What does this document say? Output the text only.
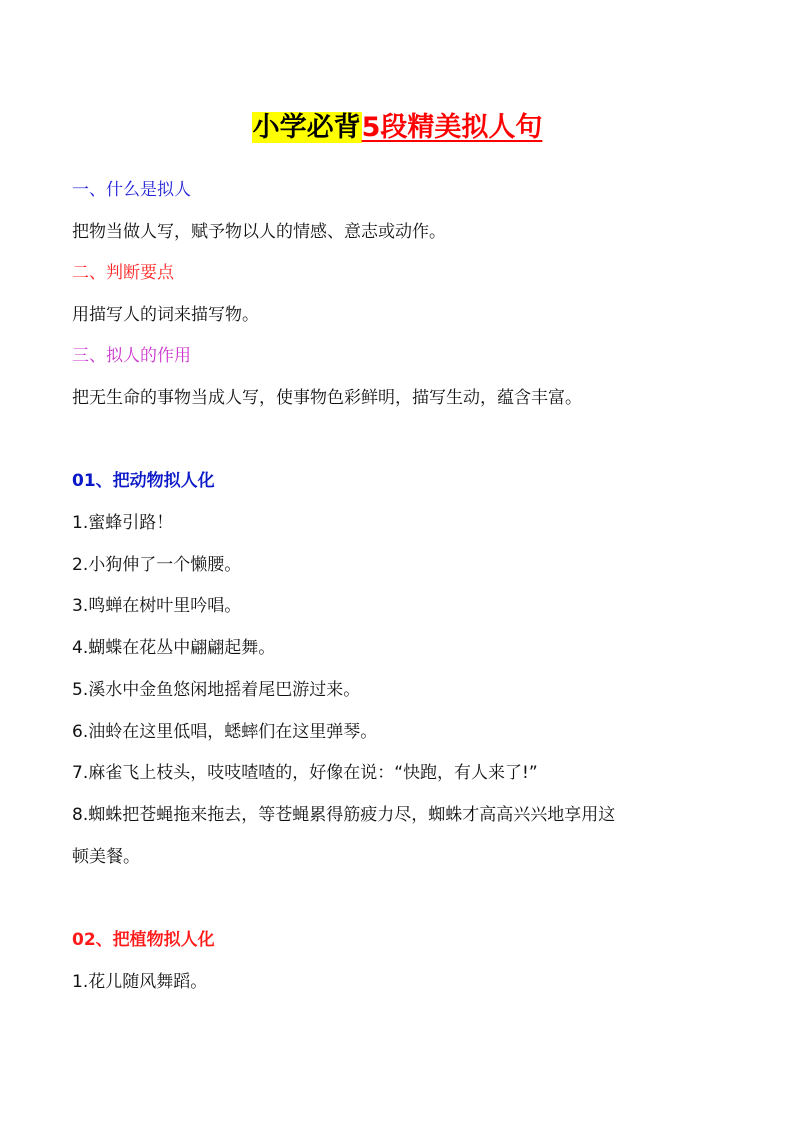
小学必背5段精美拟人句
一、什么是拟人
把物当做人写，赋予物以人的情感、意志或动作。
二、判断要点
用描写人的词来描写物。
三、拟人的作用
把无生命的事物当成人写，使事物色彩鲜明，描写生动，蕴含丰富。
01、把动物拟人化
1.蜜蜂引路！
2.小狗伸了一个懒腰。
3.鸣蝉在树叶里吟唱。
4.蝴蝶在花丛中翩翩起舞。
5.溪水中金鱼悠闲地摇着尾巴游过来。
6.油蛉在这里低唱，蟋蟀们在这里弹琴。
7.麻雀飞上枝头，吱吱喳喳的，好像在说：“快跑，有人来了!”
8.蜘蛛把苍蝇拖来拖去，等苍蝇累得筋疲力尽，蜘蛛才高高兴兴地享用这
顿美餐。
02、把植物拟人化
1.花儿随风舞蹈。
